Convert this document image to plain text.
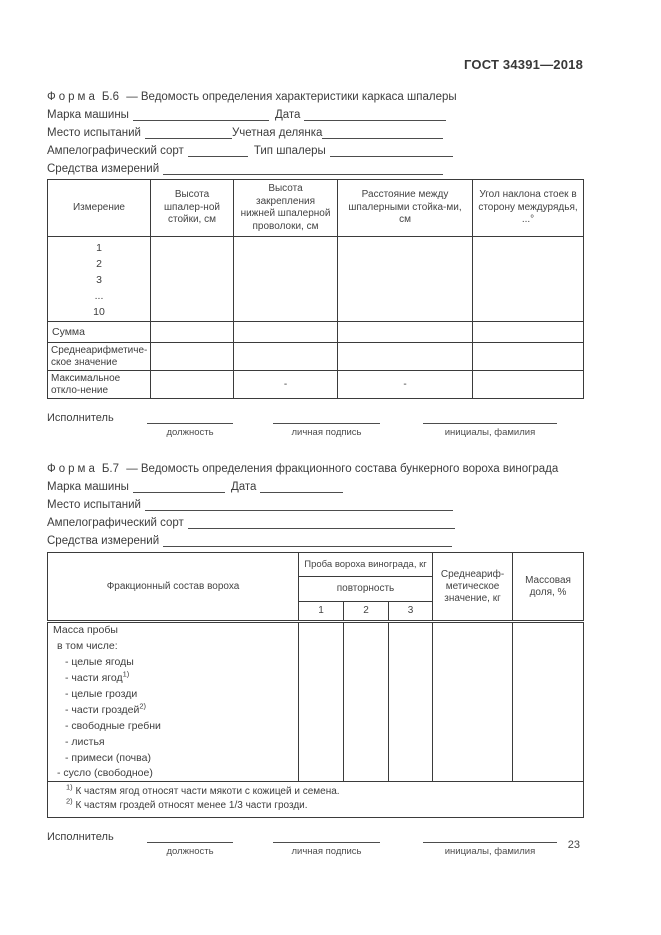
ГОСТ 34391—2018
Форма Б.6 — Ведомость определения характеристики каркаса шпалеры
Марка машины	Дата
Место испытаний	Учетная делянка
Ампелографический сорт	Тип шпалеры
Средства измерений
Измерение	Высота шпалер-ной стойки, см	Высота закрепления нижней шпалерной проволоки, см	Расстояние между шпалерными стойка-ми, см	Угол наклона стоек в сторону междурядья, ...°

1
2
3
...
10				

Сумма				
Среднеарифметиче-ское значение				
Максимальное откло-нение		-	-	
Исполнитель
должность	личная подпись	инициалы, фамилия
Форма Б.7 — Ведомость определения фракционного состава бункерного вороха винограда
Марка машины	Дата
Место испытаний
Ампелографический сорт
Средства измерений
Фракционный состав вороха	Проба вороха винограда, кг			Среднеариф-метическое значение, кг	Массовая доля, %
	повторность				
	1	2	3		
Масса пробы					
в том числе:					
- целые ягоды					
- части ягод$^{1)}$					
- целые грозди					
- части гроздей$^{2)}$					
- свободные гребни					
- листья					
- примеси (почва)					
- сусло (свободное)					

$^{1)}$ К частям ягод относят части мякоти с кожицей и семена.
$^{2)}$ К частям гроздей относят менее 1/3 части грозди.					
Исполнитель
должность	личная подпись	инициалы, фамилия
23
